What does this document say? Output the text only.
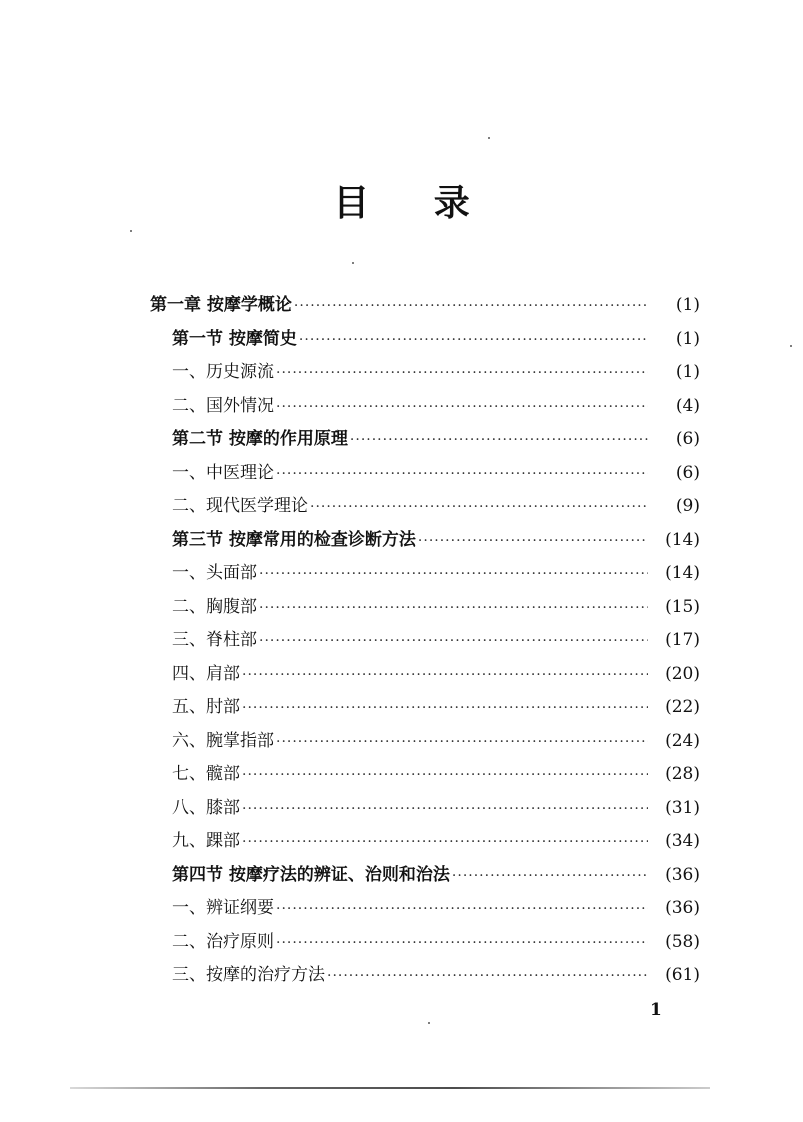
目 录
第一章 按摩学概论 ·····	(1)
第一节 按摩简史 ·····	(1)
一、历史源流 ·····	(1)
二、国外情况 ·····	(4)
第二节 按摩的作用原理 ·····	(6)
一、中医理论 ·····	(6)
二、现代医学理论 ·····	(9)
第三节 按摩常用的检查诊断方法 ·····	(14)
一、头面部 ·····	(14)
二、胸腹部 ·····	(15)
三、脊柱部 ·····	(17)
四、肩部 ·····	(20)
五、肘部 ·····	(22)
六、腕掌指部 ·····	(24)
七、髋部 ·····	(28)
八、膝部 ·····	(31)
九、踝部 ·····	(34)
第四节 按摩疗法的辨证、治则和治法 ·····	(36)
一、辨证纲要 ·····	(36)
二、治疗原则 ·····	(58)
三、按摩的治疗方法 ·····	(61)
1
